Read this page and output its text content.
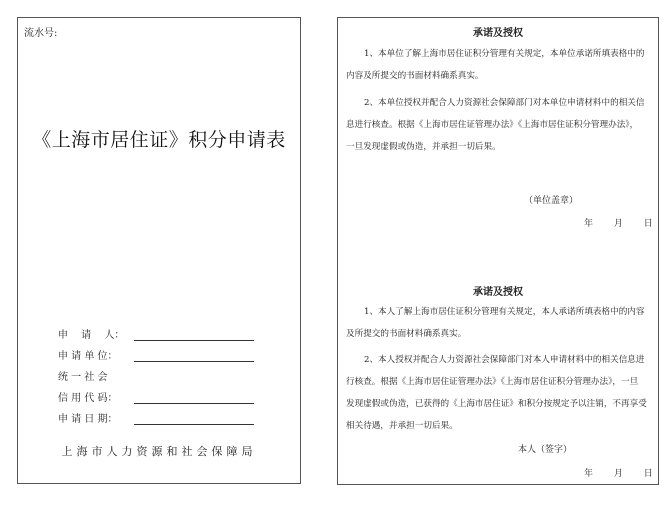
流水号:
《上海市居住证》积分申请表
申　 请　 人：
申 请 单 位：
统 一 社 会
信 用 代 码：
申 请 日 期：
上海市人力资源和社会保障局
承诺及授权

1、本单位了解上海市居住证积分管理有关规定，本单位承诺所填表格中的
内容及所提交的书面材料确系真实。

2、本单位授权并配合人力资源社会保障部门对本单位申请材料中的相关信
息进行核查。根据《上海市居住证管理办法》《上海市居住证积分管理办法》，
一旦发现虚假或伪造，并承担一切后果。

（单位盖章）
年 月 日
承诺及授权

1、本人了解上海市居住证积分管理有关规定，本人承诺所填表格中的内容
及所提交的书面材料确系真实。

2、本人授权并配合人力资源社会保障部门对本人申请材料中的相关信息进
行核查。根据《上海市居住证管理办法》《上海市居住证积分管理办法》，一旦
发现虚假或伪造，已获得的《上海市居住证》和积分按规定予以注销，不再享受
相关待遇，并承担一切后果。

本人（签字）
年 月 日
